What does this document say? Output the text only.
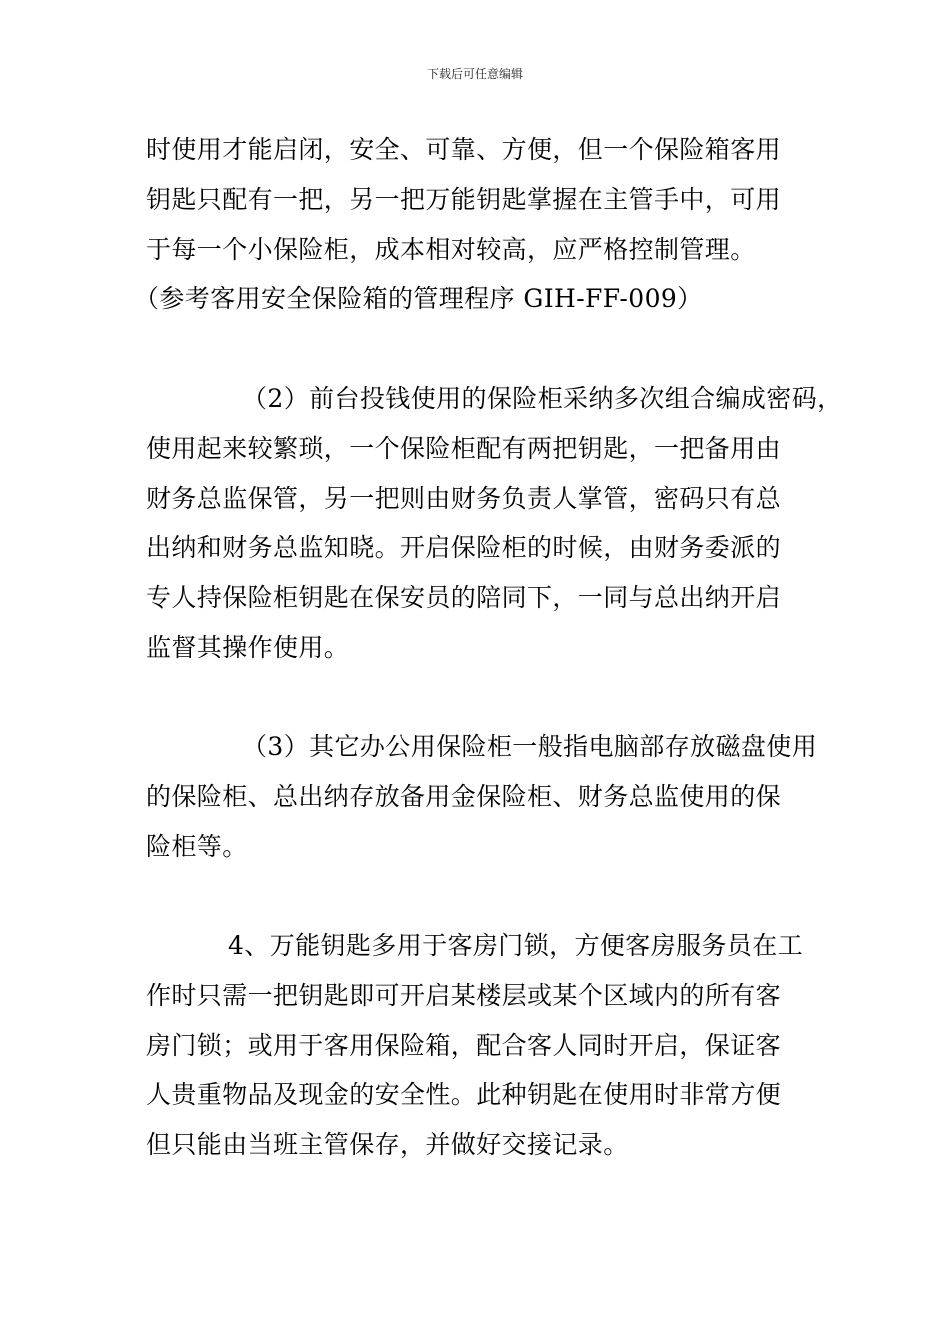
下载后可任意编辑
时使用才能启闭，安全、可靠、方便，但一个保险箱客用
钥匙只配有一把，另一把万能钥匙掌握在主管手中，可用
于每一个小保险柜，成本相对较高，应严格控制管理。
（参考客用安全保险箱的管理程序 GIH-FF-009）
（2）前台投钱使用的保险柜采纳多次组合编成密码，
使用起来较繁琐，一个保险柜配有两把钥匙，一把备用由
财务总监保管，另一把则由财务负责人掌管，密码只有总
出纳和财务总监知晓。开启保险柜的时候，由财务委派的
专人持保险柜钥匙在保安员的陪同下，一同与总出纳开启
监督其操作使用。
（3）其它办公用保险柜一般指电脑部存放磁盘使用
的保险柜、总出纳存放备用金保险柜、财务总监使用的保
险柜等。
4、万能钥匙多用于客房门锁，方便客房服务员在工
作时只需一把钥匙即可开启某楼层或某个区域内的所有客
房门锁；或用于客用保险箱，配合客人同时开启，保证客
人贵重物品及现金的安全性。此种钥匙在使用时非常方便
但只能由当班主管保存，并做好交接记录。
